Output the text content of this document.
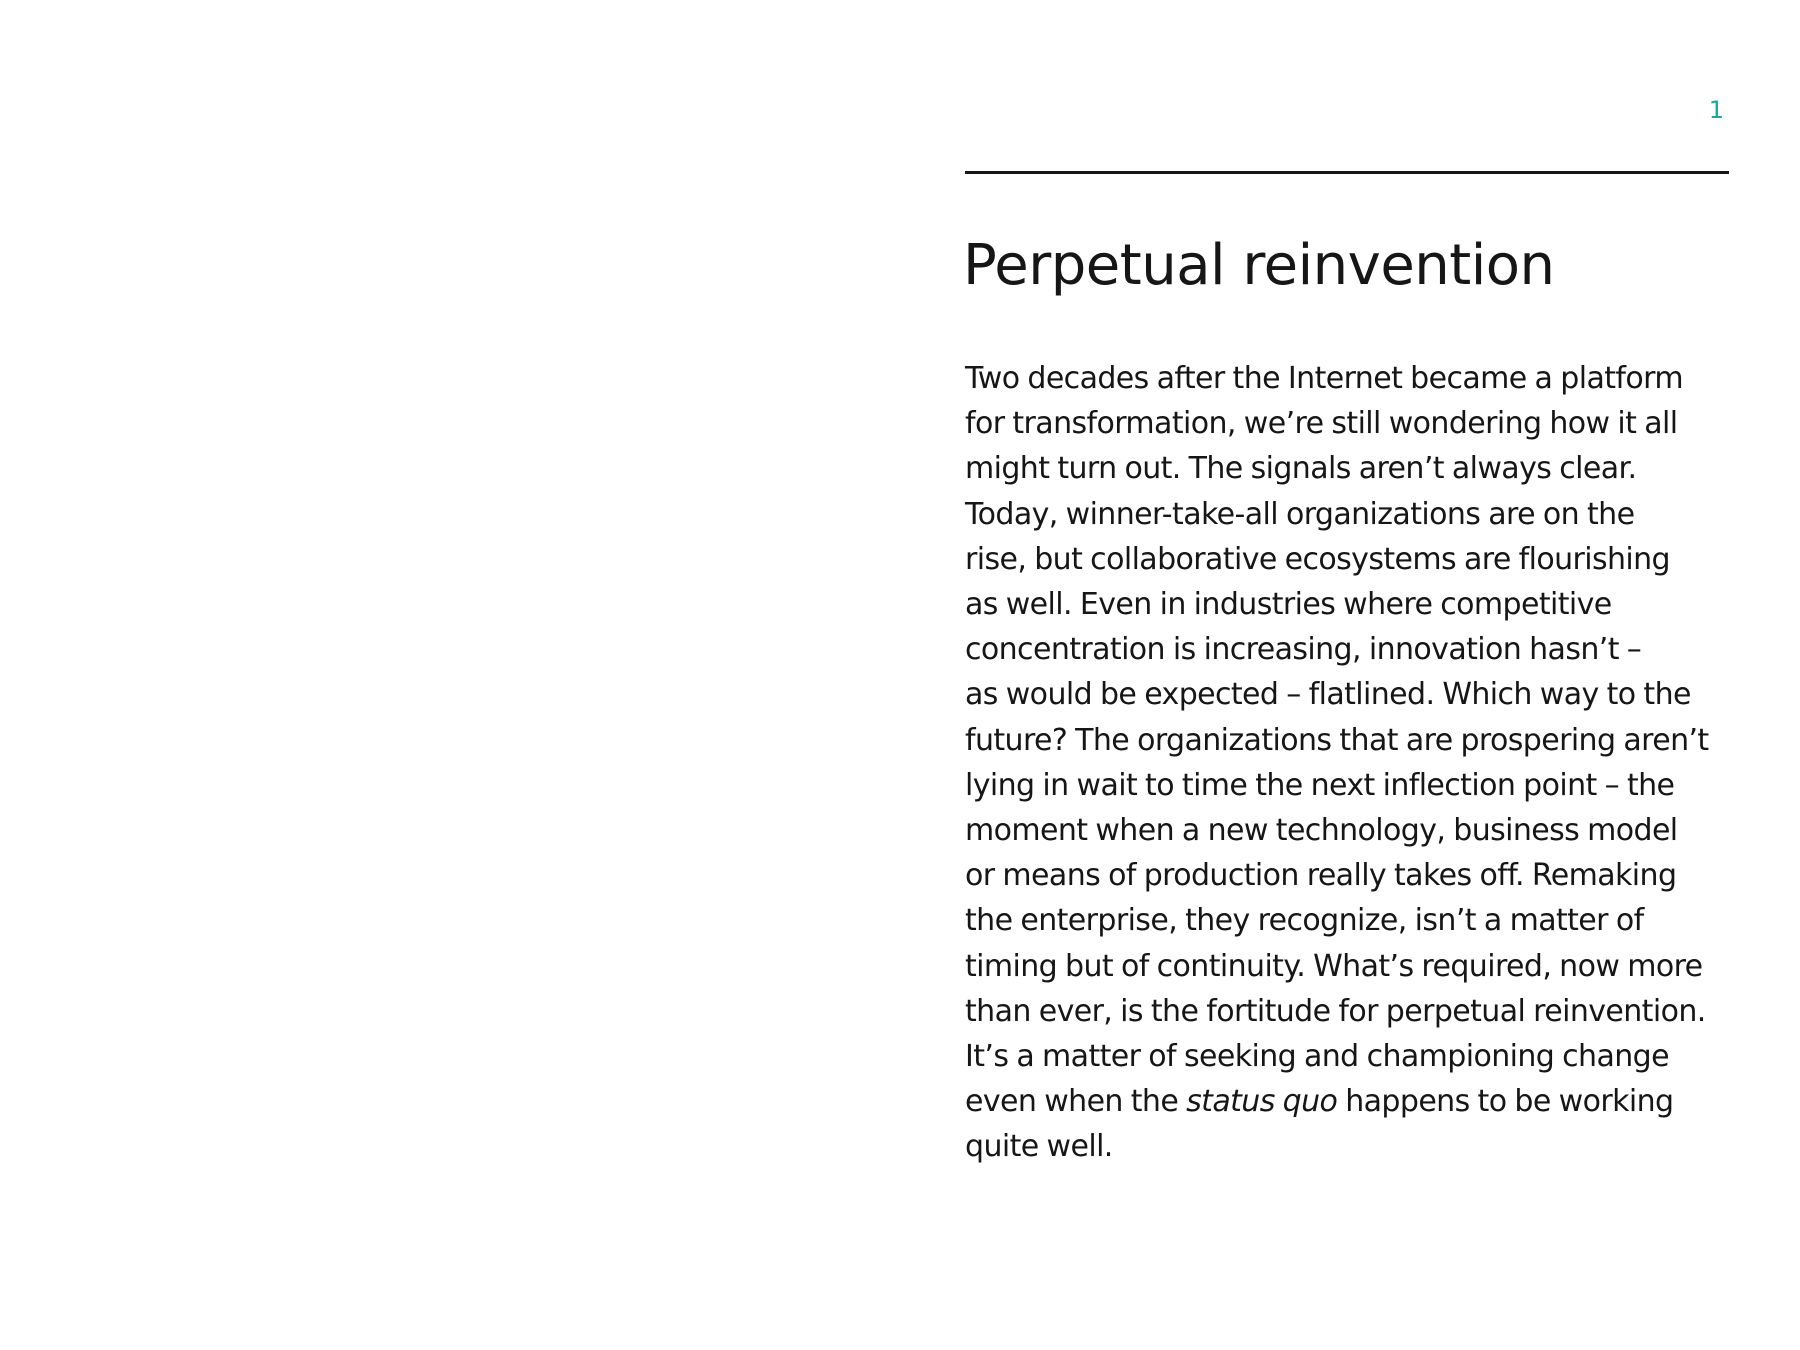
1
Perpetual reinvention

Two decades after the Internet became a platform
for transformation, we’re still wondering how it all
might turn out. The signals aren’t always clear.
Today, winner-take-all organizations are on the
rise, but collaborative ecosystems are flourishing
as well. Even in industries where competitive
concentration is increasing, innovation hasn’t –
as would be expected – flatlined. Which way to the
future? The organizations that are prospering aren’t
lying in wait to time the next inflection point – the
moment when a new technology, business model
or means of production really takes off. Remaking
the enterprise, they recognize, isn’t a matter of
timing but of continuity. What’s required, now more
than ever, is the fortitude for perpetual reinvention.
It’s a matter of seeking and championing change
even when the status quo happens to be working
quite well.
